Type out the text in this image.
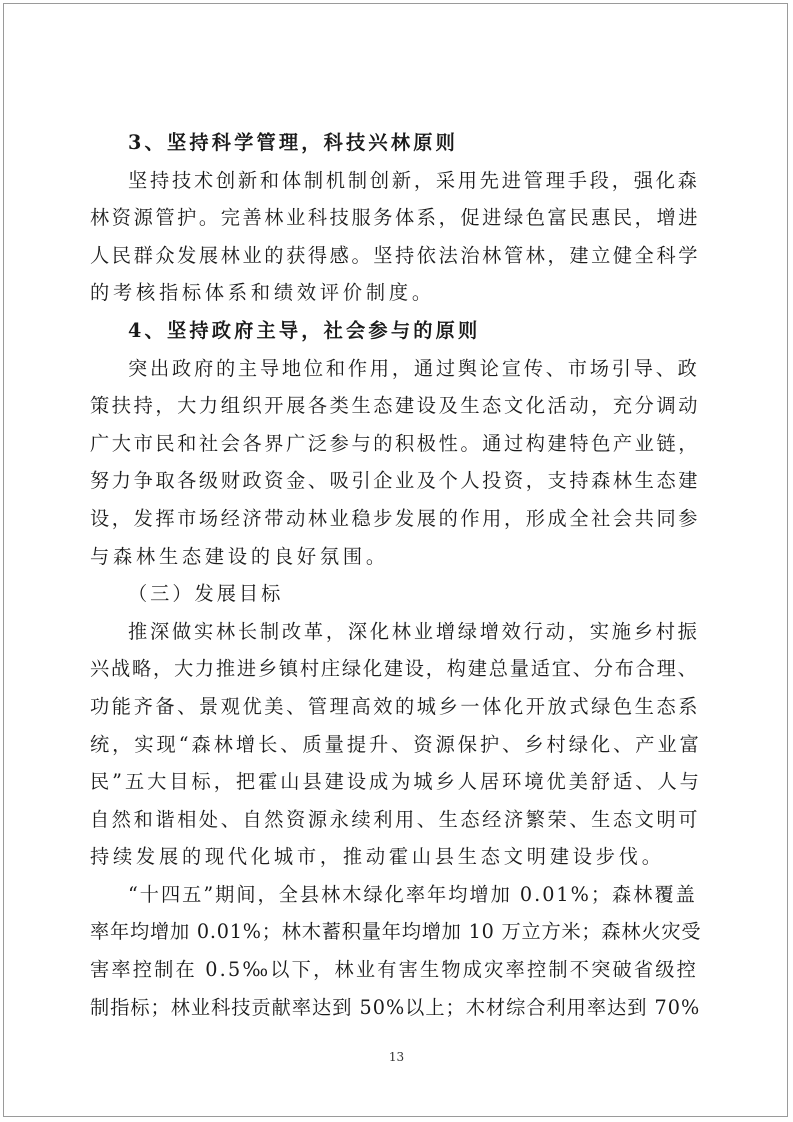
3、坚持科学管理，科技兴林原则
坚持技术创新和体制机制创新，采用先进管理手段，强化森
林资源管护。完善林业科技服务体系，促进绿色富民惠民，增进
人民群众发展林业的获得感。坚持依法治林管林，建立健全科学
的考核指标体系和绩效评价制度。
4、坚持政府主导，社会参与的原则
突出政府的主导地位和作用，通过舆论宣传、市场引导、政
策扶持，大力组织开展各类生态建设及生态文化活动，充分调动
广大市民和社会各界广泛参与的积极性。通过构建特色产业链，
努力争取各级财政资金、吸引企业及个人投资，支持森林生态建
设，发挥市场经济带动林业稳步发展的作用，形成全社会共同参
与森林生态建设的良好氛围。
（三）发展目标
推深做实林长制改革，深化林业增绿增效行动，实施乡村振
兴战略，大力推进乡镇村庄绿化建设，构建总量适宜、分布合理、
功能齐备、景观优美、管理高效的城乡一体化开放式绿色生态系
统，实现“森林增长、质量提升、资源保护、乡村绿化、产业富
民”五大目标，把霍山县建设成为城乡人居环境优美舒适、人与
自然和谐相处、自然资源永续利用、生态经济繁荣、生态文明可
持续发展的现代化城市，推动霍山县生态文明建设步伐。
“十四五”期间，全县林木绿化率年均增加 0.01%；森林覆盖
率年均增加 0.01%；林木蓄积量年均增加 10 万立方米；森林火灾受
害率控制在 0.5‰以下，林业有害生物成灾率控制不突破省级控
制指标；林业科技贡献率达到 50%以上；木材综合利用率达到 70%
13
